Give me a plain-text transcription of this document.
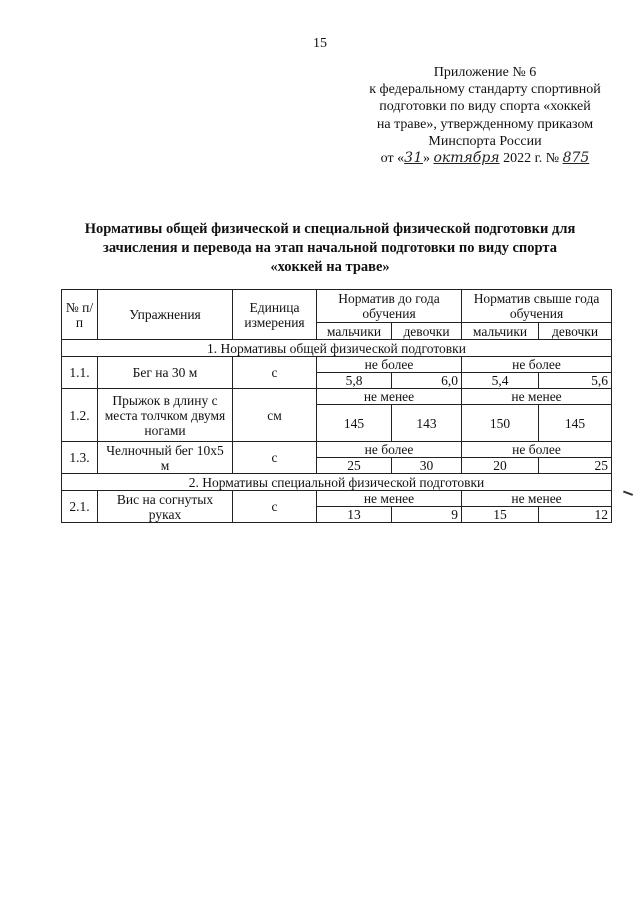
15
Приложение № 6
к федеральному стандарту спортивной
подготовки по виду спорта «хоккей
на траве», утвержденному приказом
Минспорта России
от «31» октября 2022 г. № 875
Нормативы общей физической и специальной физической подготовки для
зачисления и перевода на этап начальной подготовки по виду спорта
«хоккей на траве»
№ п/п	Упражнения	Единица измерения	Норматив до года обучения		Норматив свыше года обучения	
			мальчики	девочки	мальчики	девочки
1. Нормативы общей физической подготовки						
1.1.	Бег на 30 м	с	не более		не более	
			5,8	6,0	5,4	5,6
1.2.	Прыжок в длину с места толчком двумя ногами	см	не менее		не менее	
			145	143	150	145
1.3.	Челночный бег 10х5 м	с	не более		не более	
			25	30	20	25
2. Нормативы специальной физической подготовки						
2.1.	Вис на согнутых руках	с	не менее		не менее	
			13	9	15	12
